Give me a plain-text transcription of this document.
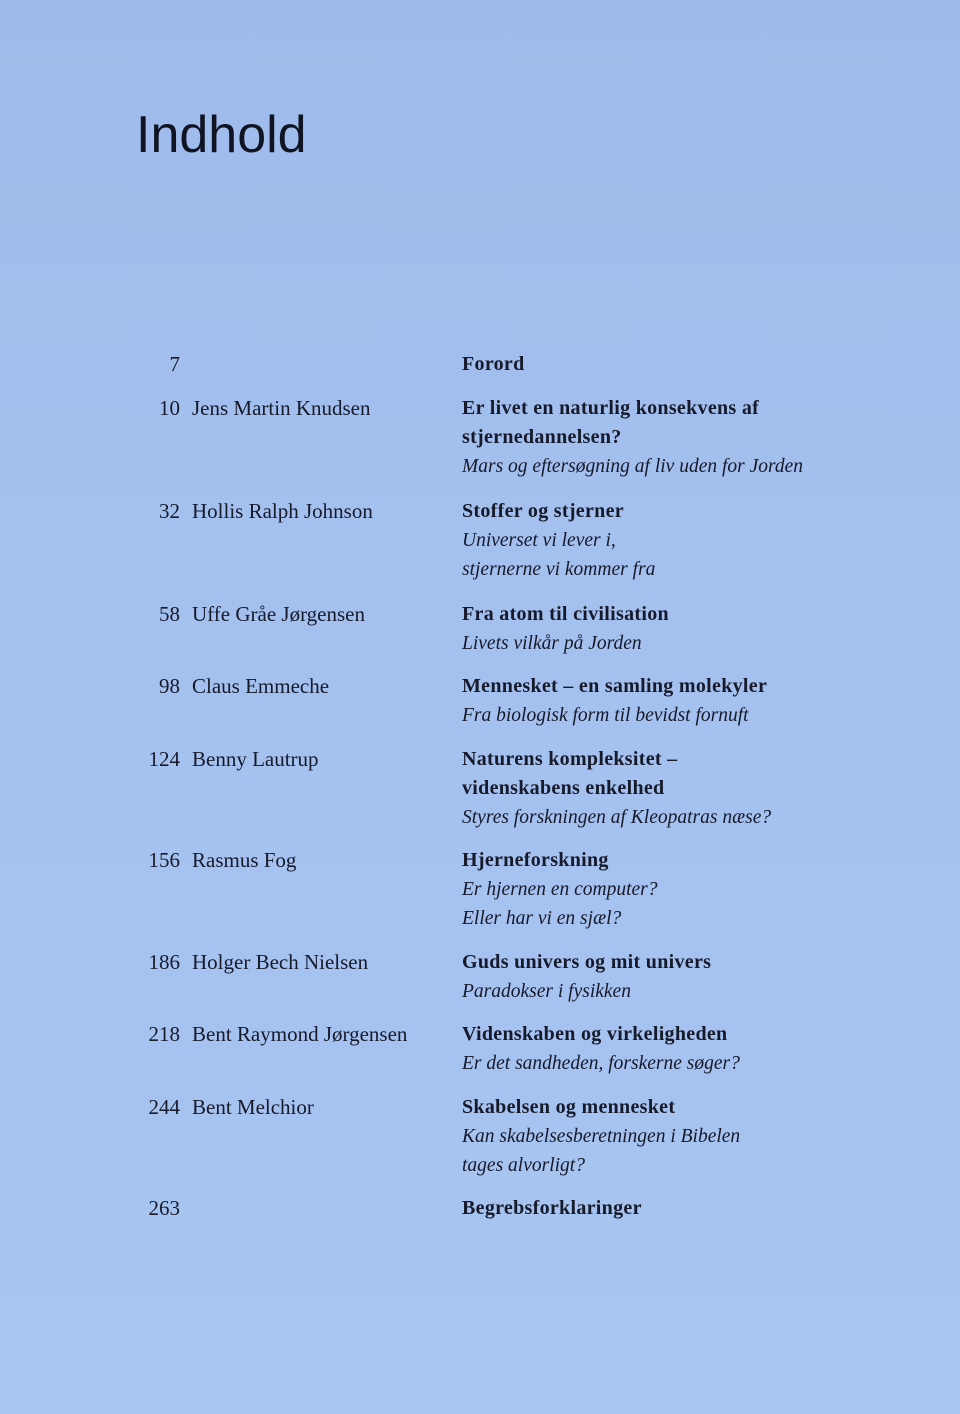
Indhold
7	Forord

10 Jens Martin Knudsen	Er livet en naturlig konsekvens af

stjernedannelsen?

Mars og eftersøgning af liv uden for Jorden

32 Hollis Ralph Johnson	Stoffer og stjerner

Universet vi lever i,

stjernerne vi kommer fra

58 Uffe Gråe Jørgensen	Fra atom til civilisation

Livets vilkår på Jorden

98 Claus Emmeche	Mennesket – en samling molekyler

Fra biologisk form til bevidst fornuft

124 Benny Lautrup	Naturens kompleksitet –

videnskabens enkelhed

Styres forskningen af Kleopatras næse?

156 Rasmus Fog	Hjerneforskning

Er hjernen en computer?

Eller har vi en sjæl?

186 Holger Bech Nielsen	Guds univers og mit univers

Paradokser i fysikken

218 Bent Raymond Jørgensen	Videnskaben og virkeligheden

Er det sandheden, forskerne søger?

244 Bent Melchior	Skabelsen og mennesket

Kan skabelsesberetningen i Bibelen

tages alvorligt?

263	Begrebsforklaringer
